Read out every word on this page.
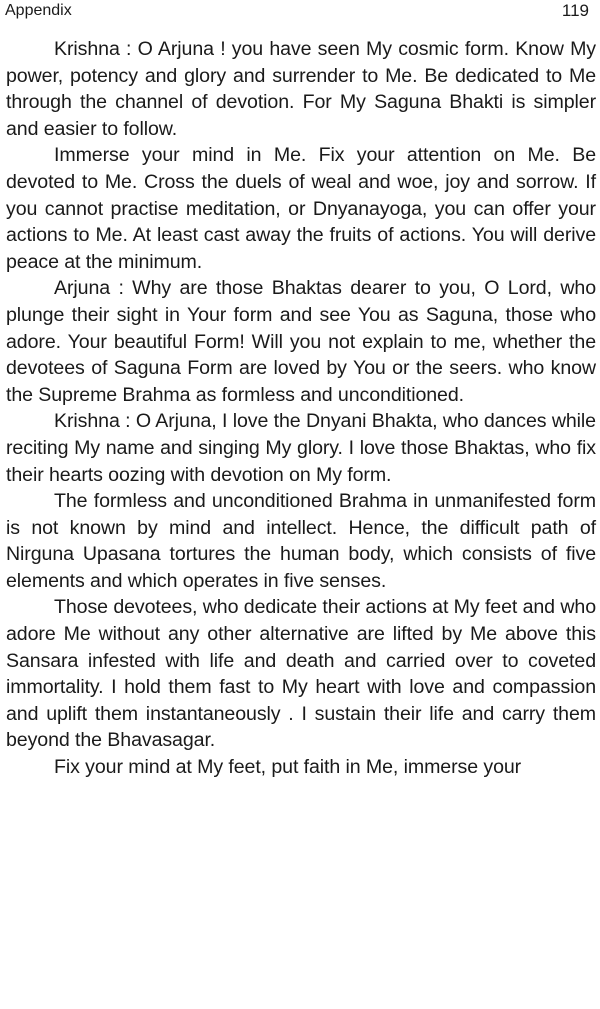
Appendix	119

Krishna : O Arjuna ! you have seen My cosmic form. Know My power, potency and glory and surrender to Me. Be dedicated to Me through the channel of devotion. For My Saguna Bhakti is simpler and easier to follow.

Immerse your mind in Me. Fix your attention on Me. Be devoted to Me. Cross the duels of weal and woe, joy and sorrow. If you cannot practise meditation, or Dnyanayoga, you can offer your actions to Me. At least cast away the fruits of actions. You will derive peace at the minimum.

Arjuna : Why are those Bhaktas dearer to you, O Lord, who plunge their sight in Your form and see You as Saguna, those who adore. Your beautiful Form! Will you not explain to me, whether the devotees of Saguna Form are loved by You or the seers. who know the Supreme Brahma as formless and unconditioned.

Krishna : O Arjuna, I love the Dnyani Bhakta, who dances while reciting My name and singing My glory. I love those Bhaktas, who fix their hearts oozing with devotion on My form.

The formless and unconditioned Brahma in unmanifested form is not known by mind and intellect. Hence, the difficult path of Nirguna Upasana tortures the human body, which consists of five elements and which operates in five senses.

Those devotees, who dedicate their actions at My feet and who adore Me without any other alternative are lifted by Me above this Sansara infested with life and death and carried over to coveted immortality. I hold them fast to My heart with love and compassion and uplift them instantaneously . I sustain their life and carry them beyond the Bhavasagar.

Fix your mind at My feet, put faith in Me, immerse your
